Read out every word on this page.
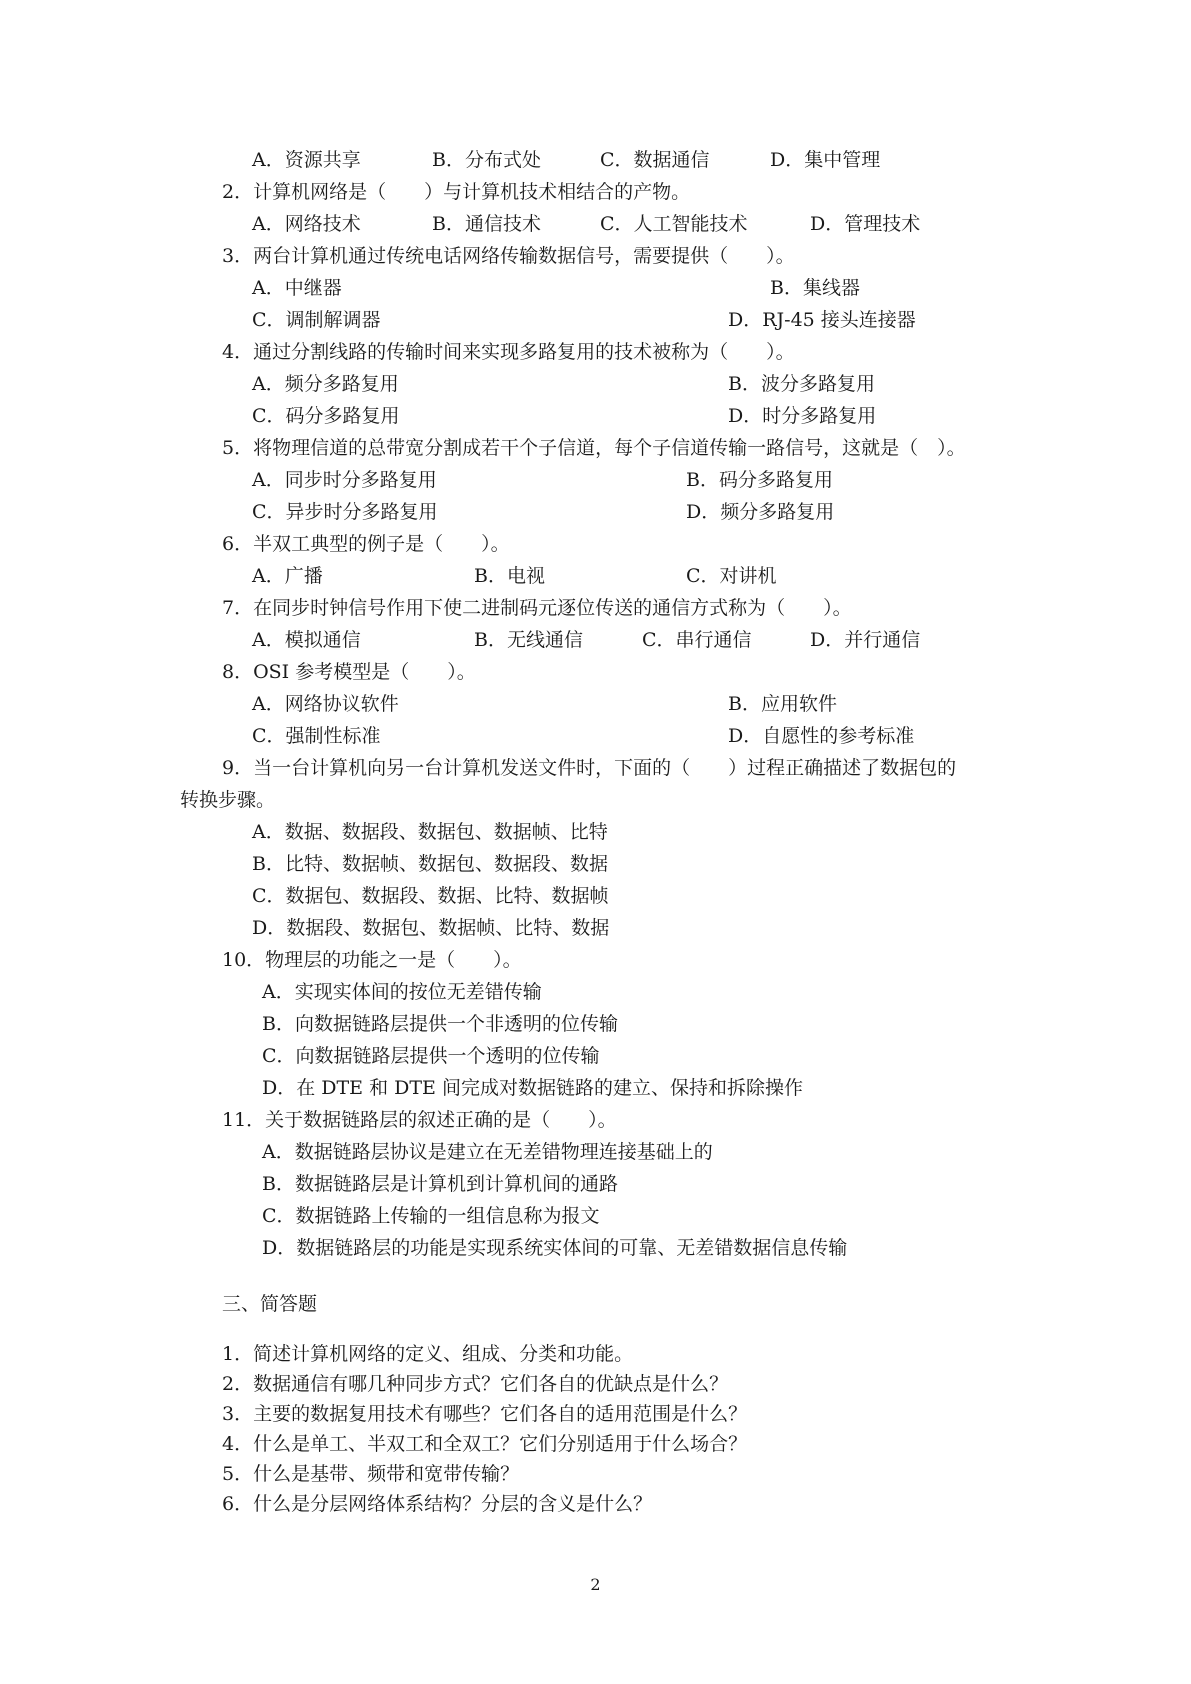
A．资源共享	B．分布式处	C．数据通信	D．集中管理
2．计算机网络是（　　）与计算机技术相结合的产物。
A．网络技术	B．通信技术	C．人工智能技术	D．管理技术
3．两台计算机通过传统电话网络传输数据信号，需要提供（　　）。
A．中继器	B．集线器
C．调制解调器	D．RJ-45 接头连接器
4．通过分割线路的传输时间来实现多路复用的技术被称为（　　）。
A．频分多路复用	B．波分多路复用
C．码分多路复用	D．时分多路复用
5．将物理信道的总带宽分割成若干个子信道，每个子信道传输一路信号，这就是（　）。
A．同步时分多路复用	B．码分多路复用
C．异步时分多路复用	D．频分多路复用
6．半双工典型的例子是（　　）。
A．广播	B．电视	C．对讲机
7．在同步时钟信号作用下使二进制码元逐位传送的通信方式称为（　　）。
A．模拟通信	B．无线通信	C．串行通信	D．并行通信
8．OSI 参考模型是（　　）。
A．网络协议软件	B．应用软件
C．强制性标准	D．自愿性的参考标准
9．当一台计算机向另一台计算机发送文件时，下面的（　　）过程正确描述了数据包的
转换步骤。
A．数据、数据段、数据包、数据帧、比特
B．比特、数据帧、数据包、数据段、数据
C．数据包、数据段、数据、比特、数据帧
D．数据段、数据包、数据帧、比特、数据
10．物理层的功能之一是（　　）。
A．实现实体间的按位无差错传输
B．向数据链路层提供一个非透明的位传输
C．向数据链路层提供一个透明的位传输
D．在 DTE 和 DTE 间完成对数据链路的建立、保持和拆除操作
11．关于数据链路层的叙述正确的是（　　）。
A．数据链路层协议是建立在无差错物理连接基础上的
B．数据链路层是计算机到计算机间的通路
C．数据链路上传输的一组信息称为报文
D．数据链路层的功能是实现系统实体间的可靠、无差错数据信息传输
三、简答题
1．简述计算机网络的定义、组成、分类和功能。
2．数据通信有哪几种同步方式？它们各自的优缺点是什么？
3．主要的数据复用技术有哪些？它们各自的适用范围是什么？
4．什么是单工、半双工和全双工？它们分别适用于什么场合？
5．什么是基带、频带和宽带传输？
6．什么是分层网络体系结构？分层的含义是什么？
2
